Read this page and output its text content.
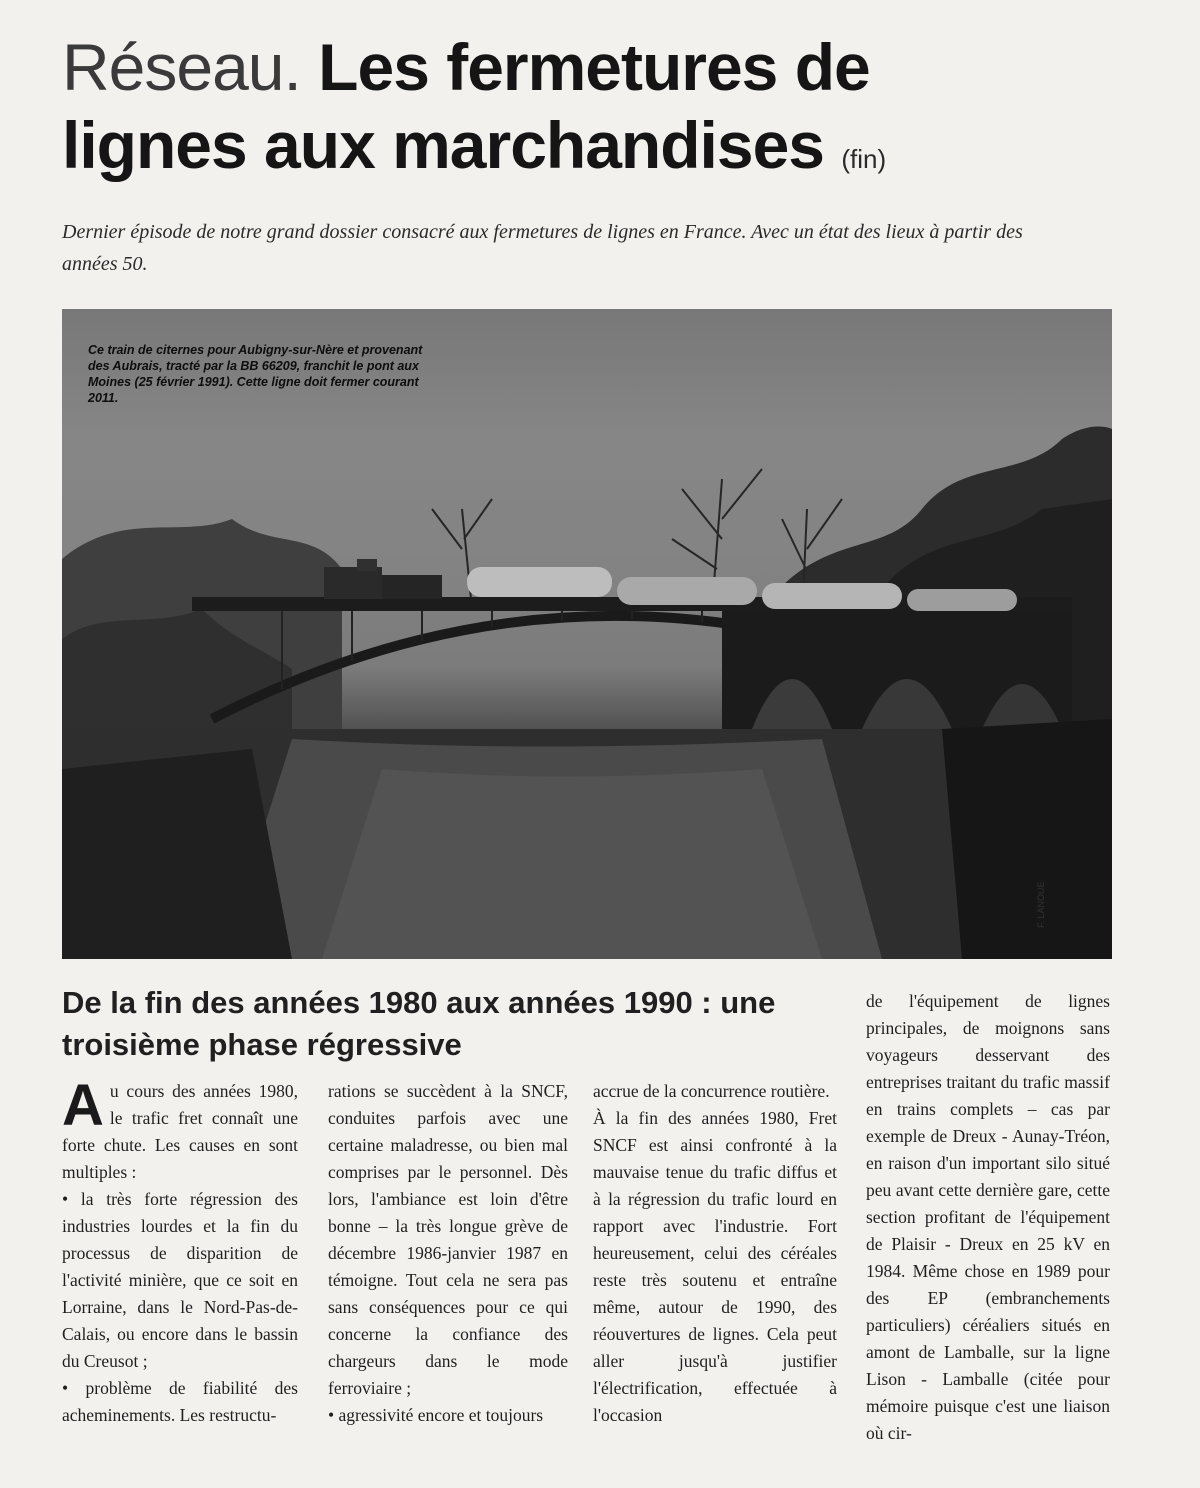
Réseau. Les fermetures de lignes aux marchandises (fin)

Dernier épisode de notre grand dossier consacré aux fermetures de lignes en France. Avec un état des lieux à partir des années 50.

Ce train de citernes pour Aubigny-sur-Nère et provenant des Aubrais, tracté par la BB 66209, franchit le pont aux Moines (25 février 1991). Cette ligne doit fermer courant 2011.

F. LANOUE
De la fin des années 1980 aux années 1990 : une troisième phase régressive

Au cours des années 1980, le trafic fret connaît une forte chute. Les causes en sont multiples :

• la très forte régression des industries lourdes et la fin du processus de disparition de l'activité minière, que ce soit en Lorraine, dans le Nord-Pas-de-Calais, ou encore dans le bassin du Creusot ;

• problème de fiabilité des acheminements. Les restructu-

rations se succèdent à la SNCF, conduites parfois avec une certaine maladresse, ou bien mal comprises par le personnel. Dès lors, l'ambiance est loin d'être bonne – la très longue grève de décembre 1986-janvier 1987 en témoigne. Tout cela ne sera pas sans conséquences pour ce qui concerne la confiance des chargeurs dans le mode ferroviaire ;

• agressivité encore et toujours

accrue de la concurrence routière.

À la fin des années 1980, Fret SNCF est ainsi confronté à la mauvaise tenue du trafic diffus et à la régression du trafic lourd en rapport avec l'industrie. Fort heureusement, celui des céréales reste très soutenu et entraîne même, autour de 1990, des réouvertures de lignes. Cela peut aller jusqu'à justifier l'électrification, effectuée à l'occasion

de l'équipement de lignes principales, de moignons sans voyageurs desservant des entreprises traitant du trafic massif en trains complets – cas par exemple de Dreux - Aunay-Tréon, en raison d'un important silo situé peu avant cette dernière gare, cette section profitant de l'équipement de Plaisir - Dreux en 25 kV en 1984. Même chose en 1989 pour des EP (embranchements particuliers) céréaliers situés en amont de Lamballe, sur la ligne Lison - Lamballe (citée pour mémoire puisque c'est une liaison où cir-
